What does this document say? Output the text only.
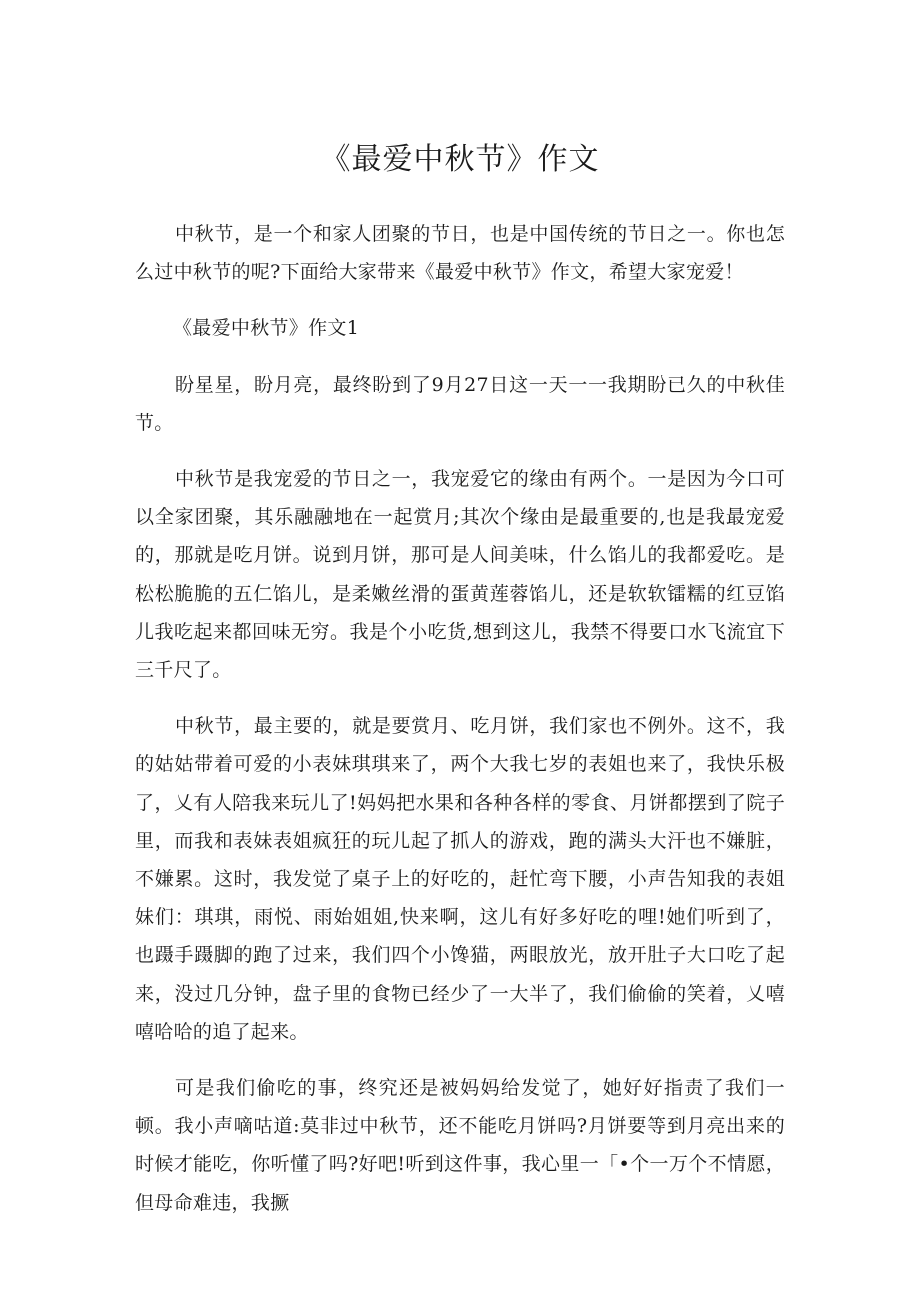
《最爱中秋节》作文

中秋节，是一个和家人团聚的节日，也是中国传统的节日之一。你也怎么过中秋节的呢?下面给大家带来《最爱中秋节》作文，希望大家宠爱！

《最爱中秋节》作文1

盼星星，盼月亮，最终盼到了9月27日这一天一一我期盼已久的中秋佳节。

中秋节是我宠爱的节日之一，我宠爱它的缘由有两个。一是因为今口可以全家团聚，其乐融融地在一起赏月;其次个缘由是最重要的,也是我最宠爱的，那就是吃月饼。说到月饼，那可是人间美味，什么馅儿的我都爱吃。是松松脆脆的五仁馅儿，是柔嫩丝滑的蛋黄莲蓉馅儿，还是软软镭糯的红豆馅儿我吃起来都回味无穷。我是个小吃货,想到这儿，我禁不得要口水飞流宜下三千尺了。

中秋节，最主要的，就是要赏月、吃月饼，我们家也不例外。这不，我的姑姑带着可爱的小表妹琪琪来了，两个大我七岁的表姐也来了，我快乐极了，乂有人陪我来玩儿了!妈妈把水果和各种各样的零食、月饼都摆到了院子里，而我和表妹表姐疯狂的玩儿起了抓人的游戏，跑的满头大汗也不嫌脏，不嫌累。这时，我发觉了桌子上的好吃的，赶忙弯下腰，小声告知我的表姐妹们：琪琪，雨悦、雨始姐姐,快来啊，这儿有好多好吃的哩!她们听到了，也蹑手蹑脚的跑了过来，我们四个小馋猫，两眼放光，放开肚子大口吃了起来，没过几分钟，盘子里的食物已经少了一大半了，我们偷偷的笑着，乂嘻嘻哈哈的追了起来。

可是我们偷吃的事，终究还是被妈妈给发觉了，她好好指责了我们一顿。我小声嘀咕道:莫非过中秋节，还不能吃月饼吗?月饼要等到月亮出来的时候才能吃，你听懂了吗?好吧!听到这件事，我心里一「•个一万个不情愿，但母命难违，我撅
